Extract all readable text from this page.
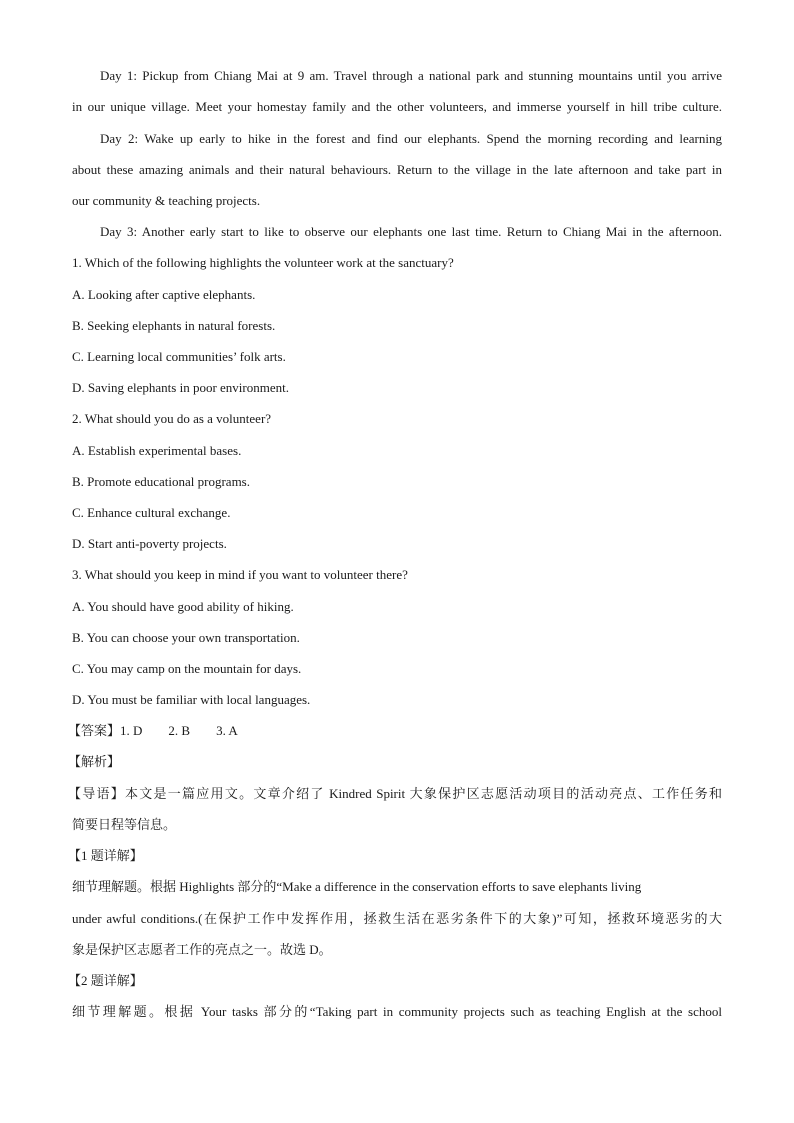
Day 1: Pickup from Chiang Mai at 9 am. Travel through a national park and stunning mountains until you arrive
in our unique village. Meet your homestay family and the other volunteers, and immerse yourself in hill tribe culture.
Day 2: Wake up early to hike in the forest and find our elephants. Spend the morning recording and learning
about these amazing animals and their natural behaviours. Return to the village in the late afternoon and take part in
our community & teaching projects.
Day 3: Another early start to like to observe our elephants one last time. Return to Chiang Mai in the afternoon.
1. Which of the following highlights the volunteer work at the sanctuary?
A. Looking after captive elephants.
B. Seeking elephants in natural forests.
C. Learning local communities’ folk arts.
D. Saving elephants in poor environment.
2. What should you do as a volunteer?
A. Establish experimental bases.
B. Promote educational programs.
C. Enhance cultural exchange.
D. Start anti-poverty projects.
3. What should you keep in mind if you want to volunteer there?
A. You should have good ability of hiking.
B. You can choose your own transportation.
C. You may camp on the mountain for days.
D. You must be familiar with local languages.
【答案】1. D 2. B 3. A
【解析】
【导语】本文是一篇应用文。文章介绍了 Kindred Spirit 大象保护区志愿活动项目的活动亮点、工作任务和
简要日程等信息。
【1 题详解】
细节理解题。根据 Highlights 部分的“Make a difference in the conservation efforts to save elephants living
under awful conditions.(在保护工作中发挥作用，拯救生活在恶劣条件下的大象)”可知，拯救环境恶劣的大
象是保护区志愿者工作的亮点之一。故选 D。
【2 题详解】
细节理解题。根据 Your tasks 部分的“Taking part in community projects such as teaching English at the school
